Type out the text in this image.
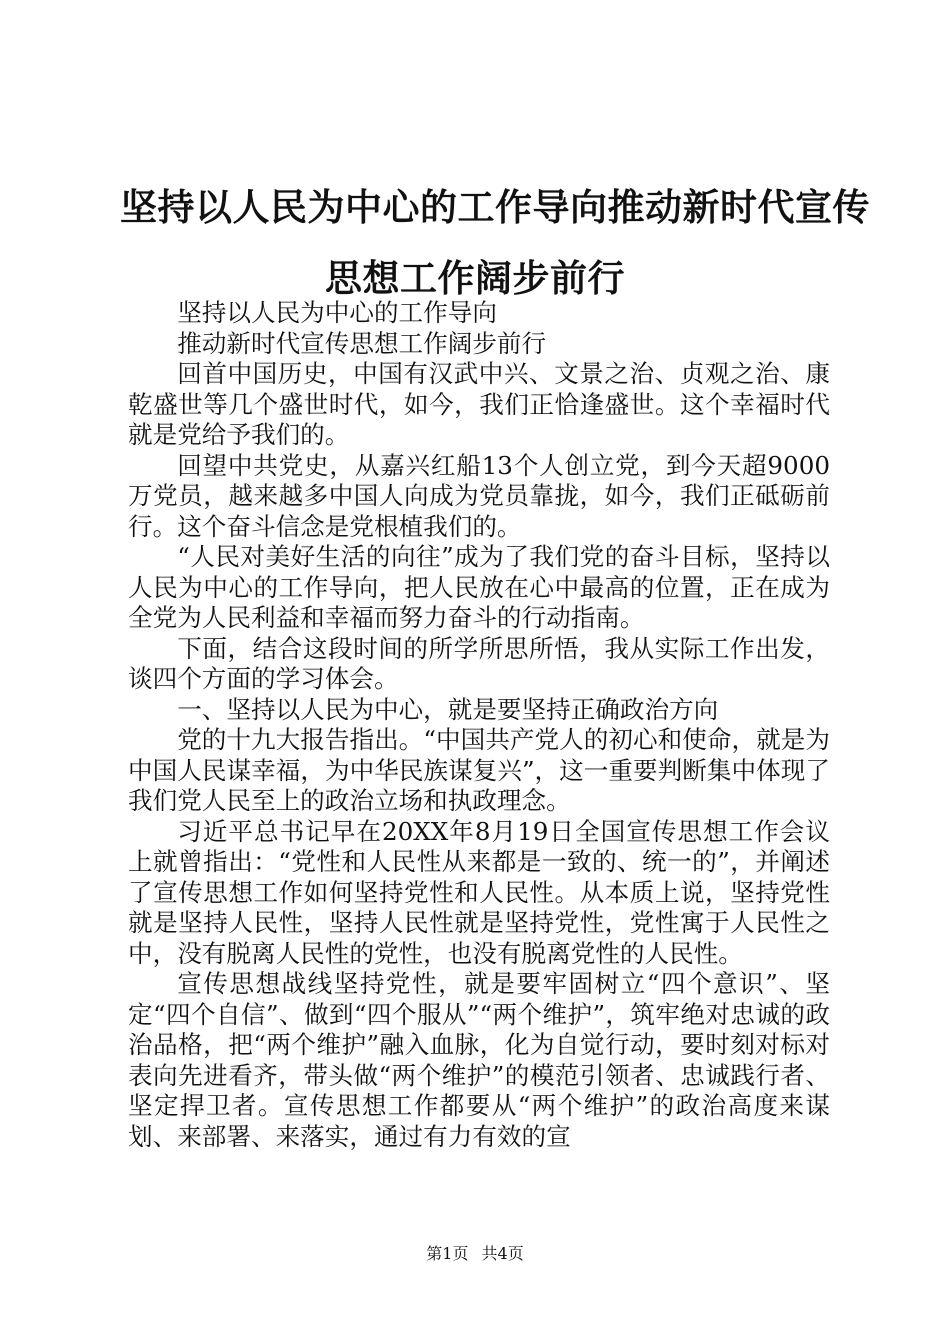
坚持以人民为中心的工作导向推动新时代宣传
思想工作阔步前行

坚持以人民为中心的工作导向

推动新时代宣传思想工作阔步前行

回首中国历史，中国有汉武中兴、文景之治、贞观之治、康乾盛世等几个盛世时代，如今，我们正恰逢盛世。这个幸福时代就是党给予我们的。

回望中共党史，从嘉兴红船13个人创立党，到今天超9000万党员，越来越多中国人向成为党员靠拢，如今，我们正砥砺前行。这个奋斗信念是党根植我们的。

“人民对美好生活的向往”成为了我们党的奋斗目标，坚持以人民为中心的工作导向，把人民放在心中最高的位置，正在成为全党为人民利益和幸福而努力奋斗的行动指南。

下面，结合这段时间的所学所思所悟，我从实际工作出发，谈四个方面的学习体会。

一、坚持以人民为中心，就是要坚持正确政治方向

党的十九大报告指出。“中国共产党人的初心和使命，就是为中国人民谋幸福，为中华民族谋复兴”，这一重要判断集中体现了我们党人民至上的政治立场和执政理念。

习近平总书记早在20XX年8月19日全国宣传思想工作会议上就曾指出：“党性和人民性从来都是一致的、统一的”，并阐述了宣传思想工作如何坚持党性和人民性。从本质上说，坚持党性就是坚持人民性，坚持人民性就是坚持党性，党性寓于人民性之中，没有脱离人民性的党性，也没有脱离党性的人民性。

宣传思想战线坚持党性，就是要牢固树立“四个意识”、坚定“四个自信”、做到“四个服从”“两个维护”，筑牢绝对忠诚的政治品格，把“两个维护”融入血脉，化为自觉行动，要时刻对标对表向先进看齐，带头做“两个维护”的模范引领者、忠诚践行者、坚定捍卫者。宣传思想工作都要从“两个维护”的政治高度来谋划、来部署、来落实，通过有力有效的宣

第1页 共4页
